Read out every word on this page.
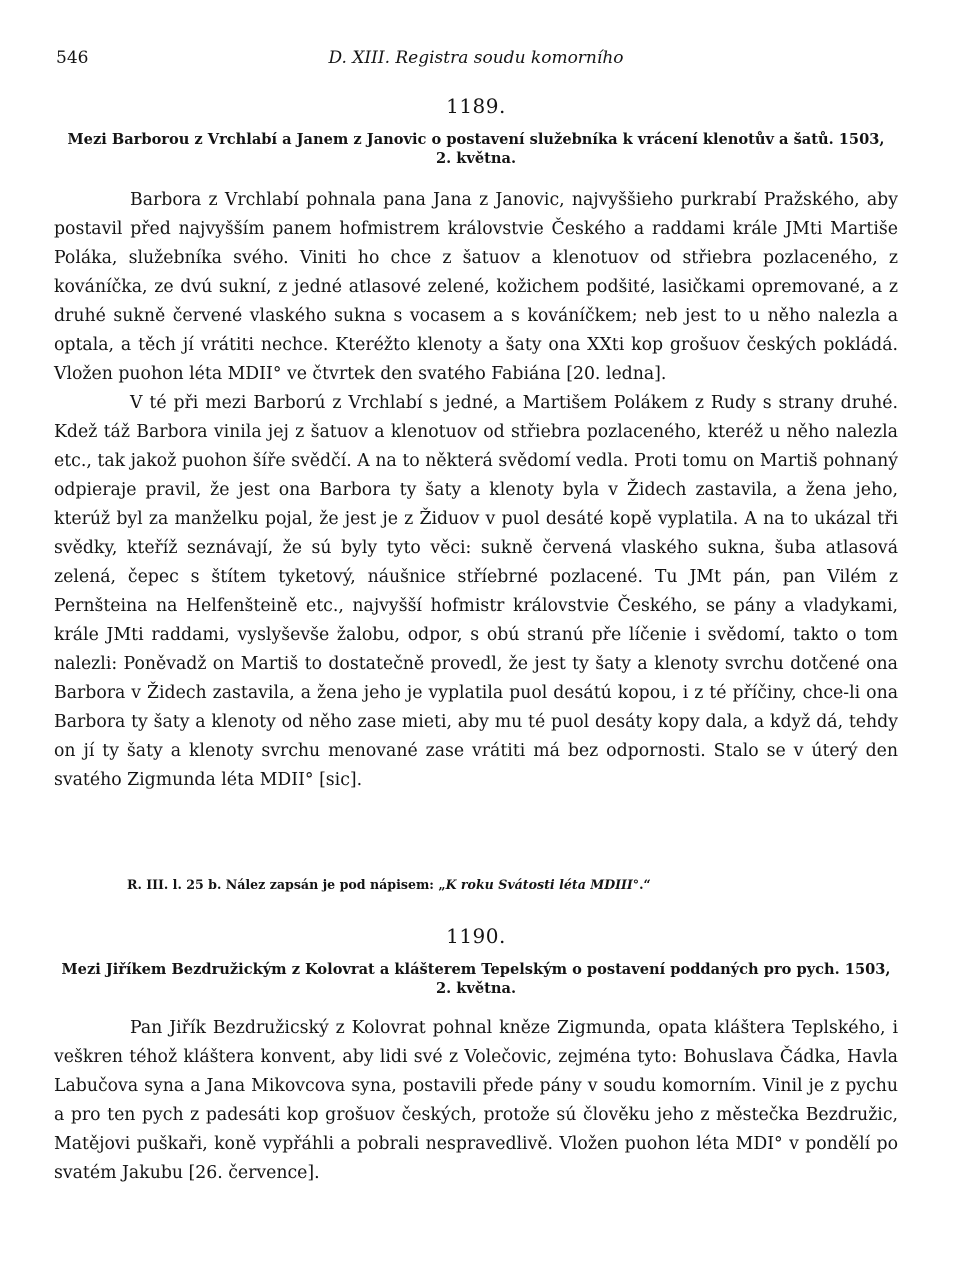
546	D. XIII. Registra soudu komorního
1189.
Mezi Barborou z Vrchlabí a Janem z Janovic o postavení služebníka k vrácení klenotův a šatů. 1503, 2. května.

Barbora z Vrchlabí pohnala pana Jana z Janovic, najvyššieho purkrabí Pražského, aby postavil před najvyšším panem hofmistrem královstvie Českého a raddami krále JMti Martiše Poláka, služebníka svého. Viniti ho chce z šatuov a klenotuov od střiebra pozlaceného, z kováníčka, ze dvú sukní, z jedné atlasové zelené, kožichem podšité, lasičkami opremované, a z druhé sukně červené vlaského sukna s vocasem a s kováníčkem; neb jest to u něho nalezla a optala, a těch jí vrátiti nechce. Kteréžto klenoty a šaty ona XXti kop grošuov českých pokládá. Vložen puohon léta MDII° ve čtvrtek den svatého Fabiána [20. ledna].

V té při mezi Barború z Vrchlabí s jedné, a Martišem Polákem z Rudy s strany druhé. Kdež táž Barbora vinila jej z šatuov a klenotuov od střiebra pozlaceného, kteréž u něho nalezla etc., tak jakož puohon šíře svědčí. A na to některá svědomí vedla. Proti tomu on Martiš pohnaný odpieraje pravil, že jest ona Barbora ty šaty a klenoty byla v Židech zastavila, a žena jeho, kterúž byl za manželku pojal, že jest je z Židuov v puol desáté kopě vyplatila. A na to ukázal tři svědky, kteříž seznávají, že sú byly tyto věci: sukně červená vlaského sukna, šuba atlasová zelená, čepec s štítem tyketový, náušnice stříebrné pozlacené. Tu JMt pán, pan Vilém z Pernšteina na Helfenšteině etc., najvyšší hofmistr královstvie Českého, se pány a vladykami, krále JMti raddami, vyslyševše žalobu, odpor, s obú stranú pře líčenie i svědomí, takto o tom nalezli: Poněvadž on Martiš to dostatečně provedl, že jest ty šaty a klenoty svrchu dotčené ona Barbora v Židech zastavila, a žena jeho je vyplatila puol desátú kopou, i z té příčiny, chce-li ona Barbora ty šaty a klenoty od něho zase mieti, aby mu té puol desáty kopy dala, a když dá, tehdy on jí ty šaty a klenoty svrchu menované zase vrátiti má bez odpornosti. Stalo se v úterý den svatého Zigmunda léta MDII° [sic].

R. III. l. 25 b. Nález zapsán je pod nápisem: „K roku Svátosti léta MDIII°.“
1190.
Mezi Jiříkem Bezdružickým z Kolovrat a klášterem Tepelským o postavení poddaných pro pych. 1503, 2. května.

Pan Jiřík Bezdružicský z Kolovrat pohnal kněze Zigmunda, opata kláštera Teplského, i veškren téhož kláštera konvent, aby lidi své z Volečovic, zejména tyto: Bohuslava Čádka, Havla Labučova syna a Jana Mikovcova syna, postavili přede pány v soudu komorním. Vinil je z pychu a pro ten pych z padesáti kop grošuov českých, protože sú člověku jeho z městečka Bezdružic, Matějovi puškaři, koně vypřáhli a pobrali nespravedlivě. Vložen puohon léta MDI° v pondělí po svatém Jakubu [26. července].
